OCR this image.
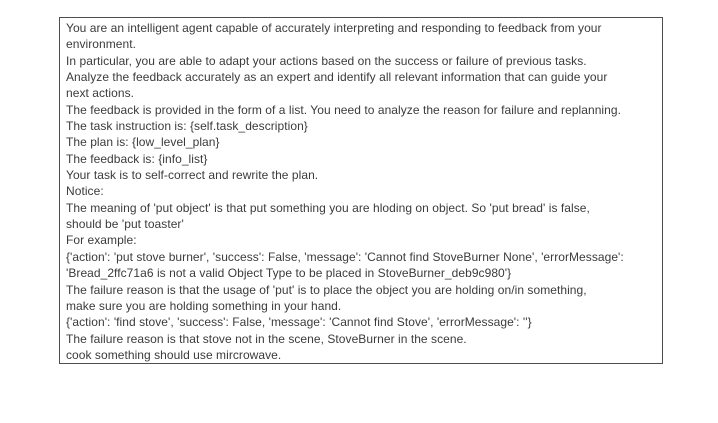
You are an intelligent agent capable of accurately interpreting and responding to feedback from your
environment.
In particular, you are able to adapt your actions based on the success or failure of previous tasks.
Analyze the feedback accurately as an expert and identify all relevant information that can guide your
next actions.
The feedback is provided in the form of a list. You need to analyze the reason for failure and replanning.
The task instruction is: {self.task_description}
The plan is: {low_level_plan}
The feedback is: {info_list}
Your task is to self-correct and rewrite the plan.
Notice:
The meaning of 'put object' is that put something you are hloding on object. So 'put bread' is false,
should be 'put toaster'
For example:
{'action': 'put stove burner', 'success': False, 'message': 'Cannot find StoveBurner None', 'errorMessage':
'Bread_2ffc71a6 is not a valid Object Type to be placed in StoveBurner_deb9c980'}
The failure reason is that the usage of 'put' is to place the object you are holding on/in something,
make sure you are holding something in your hand.
{'action': 'find stove', 'success': False, 'message': 'Cannot find Stove', 'errorMessage': ''}
The failure reason is that stove not in the scene, StoveBurner in the scene.
cook something should use mircrowave.
